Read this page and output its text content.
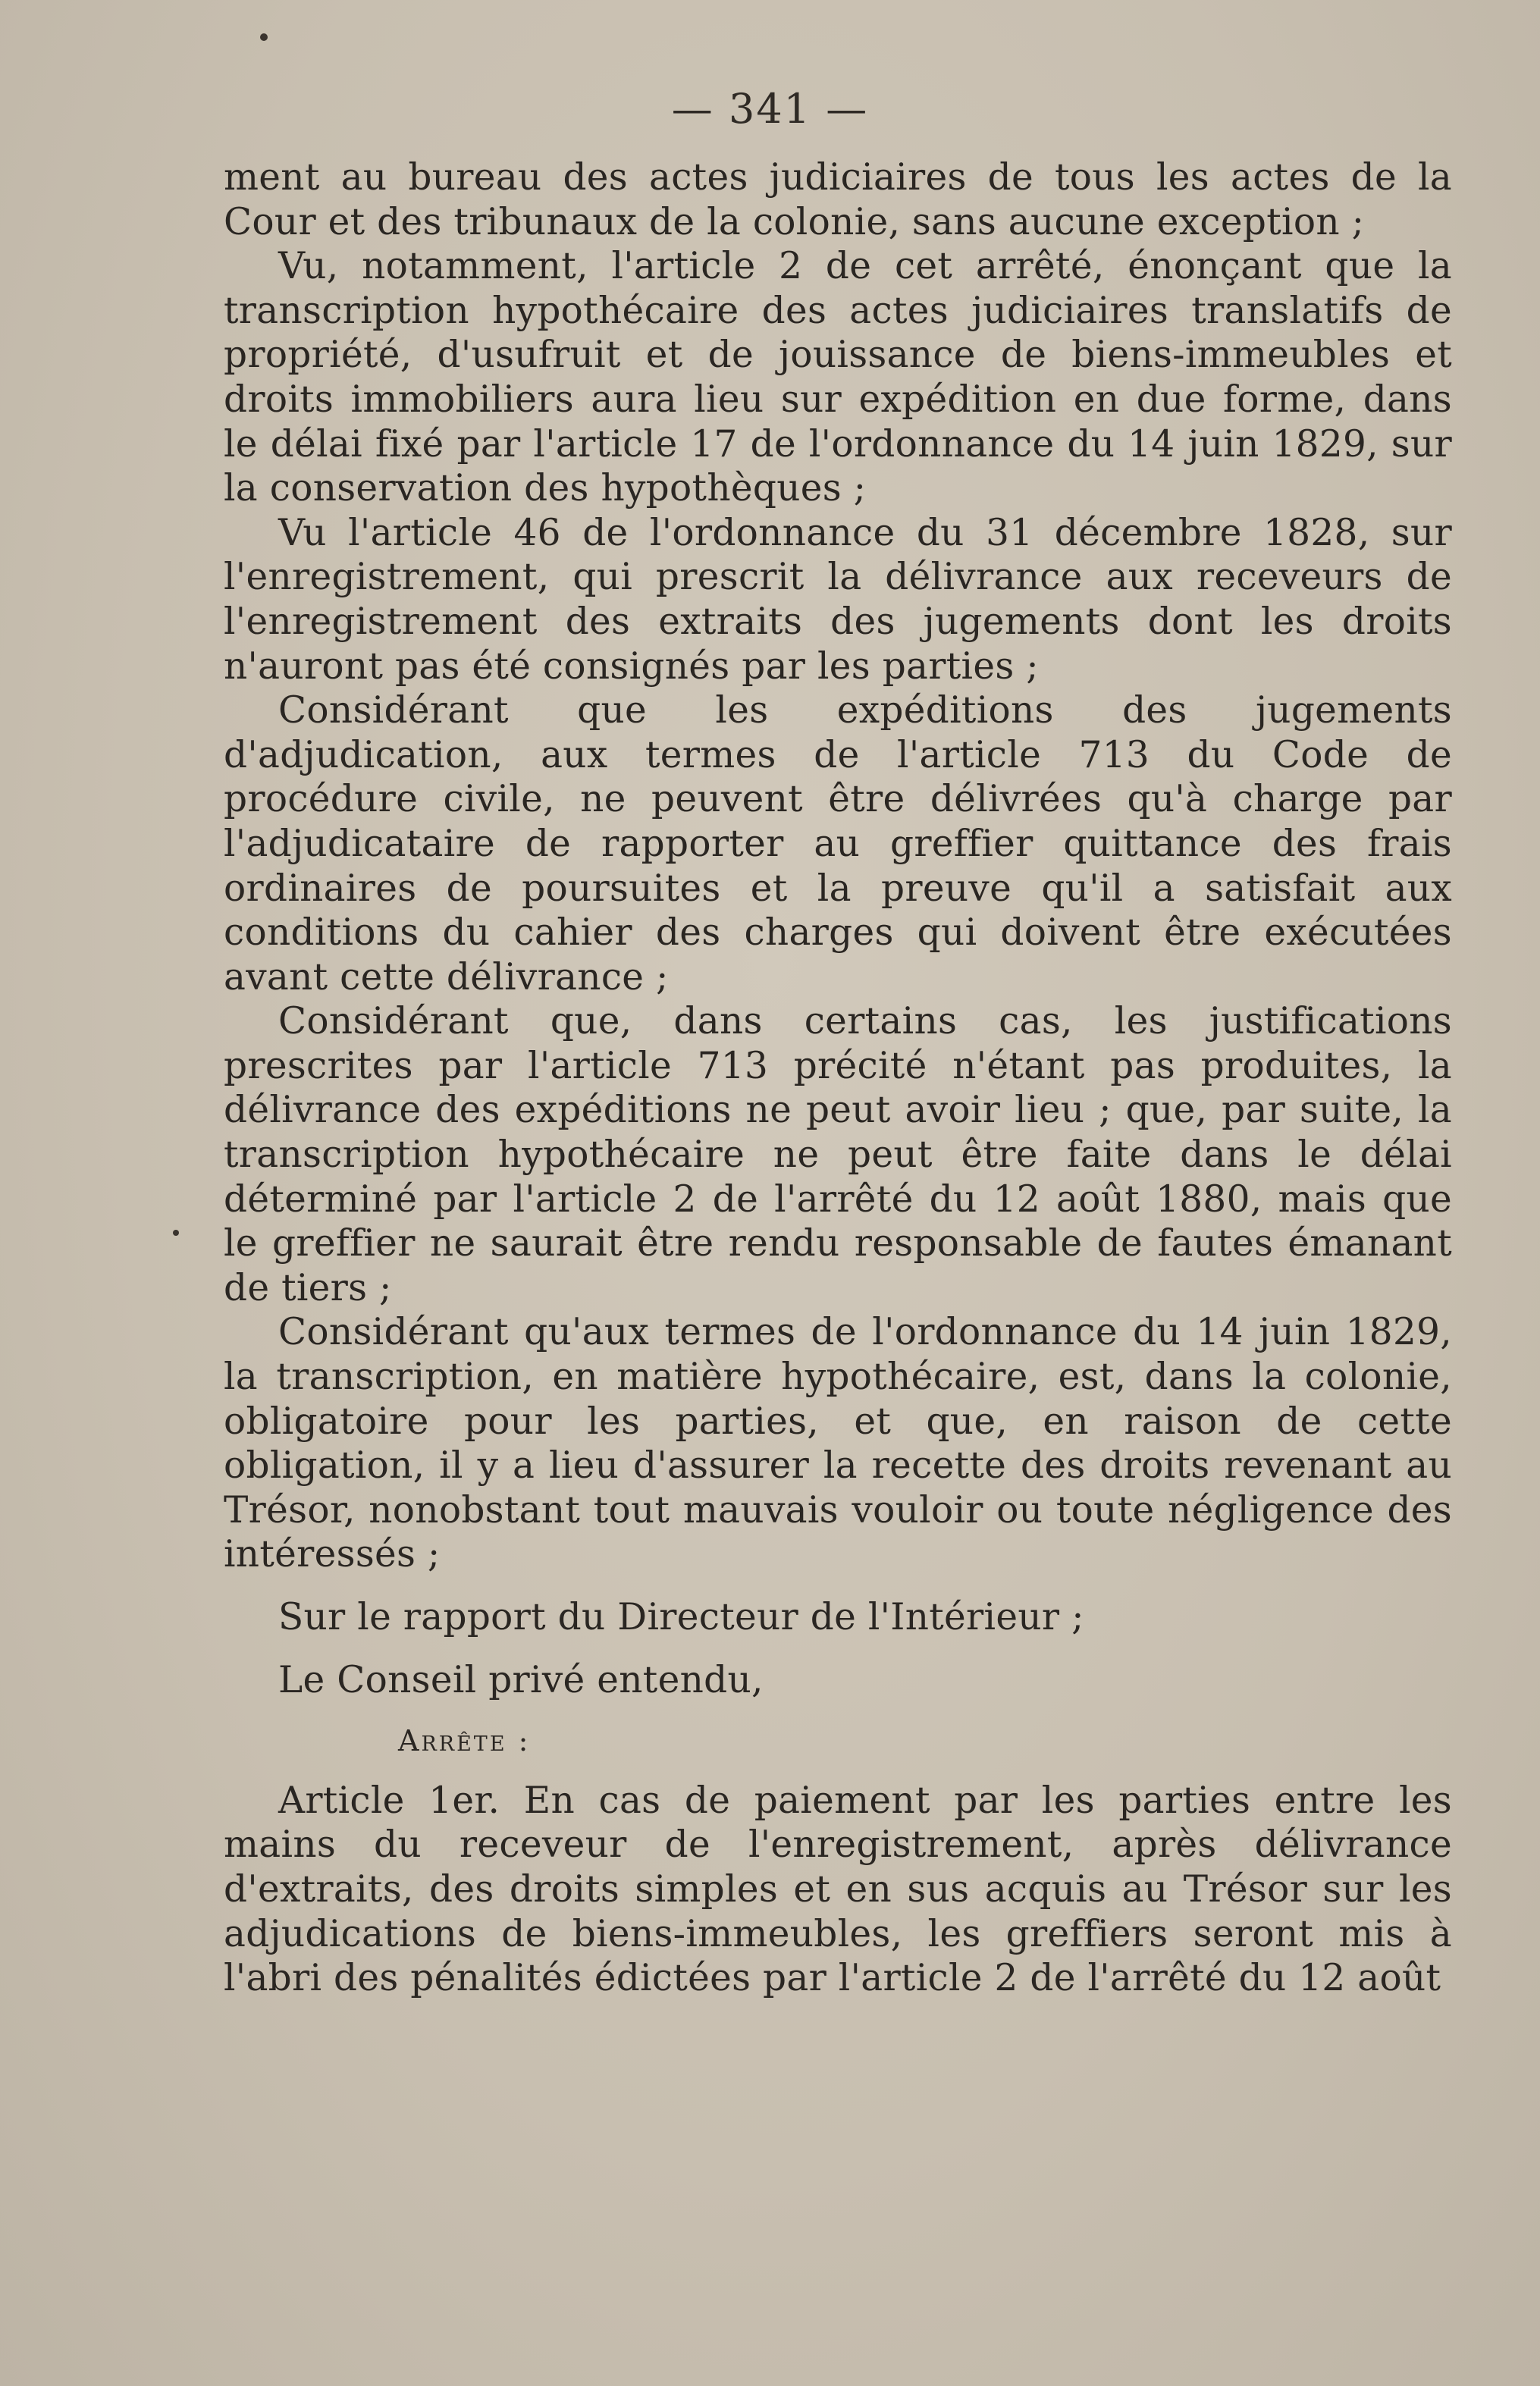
— 341 —

ment au bureau des actes judiciaires de tous les actes de la Cour et des tribunaux de la colonie, sans aucune exception ;

Vu, notamment, l'article 2 de cet arrêté, énonçant que la transcription hypothécaire des actes judiciaires translatifs de propriété, d'usufruit et de jouissance de biens-immeubles et droits immobiliers aura lieu sur expédition en due forme, dans le délai fixé par l'article 17 de l'ordonnance du 14 juin 1829, sur la conservation des hypothèques ;

Vu l'article 46 de l'ordonnance du 31 décembre 1828, sur l'enregistrement, qui prescrit la délivrance aux receveurs de l'enregistrement des extraits des jugements dont les droits n'auront pas été consignés par les parties ;

Considérant que les expéditions des jugements d'adjudication, aux termes de l'article 713 du Code de procédure civile, ne peuvent être délivrées qu'à charge par l'adjudicataire de rapporter au greffier quittance des frais ordinaires de poursuites et la preuve qu'il a satisfait aux conditions du cahier des charges qui doivent être exécutées avant cette délivrance ;

Considérant que, dans certains cas, les justifications prescrites par l'article 713 précité n'étant pas produites, la délivrance des expéditions ne peut avoir lieu ; que, par suite, la transcription hypothécaire ne peut être faite dans le délai déterminé par l'article 2 de l'arrêté du 12 août 1880, mais que le greffier ne saurait être rendu responsable de fautes émanant de tiers ;

Considérant qu'aux termes de l'ordonnance du 14 juin 1829, la transcription, en matière hypothécaire, est, dans la colonie, obligatoire pour les parties, et que, en raison de cette obligation, il y a lieu d'assurer la recette des droits revenant au Trésor, nonobstant tout mauvais vouloir ou toute négligence des intéressés ;

Sur le rapport du Directeur de l'Intérieur ;

Le Conseil privé entendu,

Arrête :

Article 1er. En cas de paiement par les parties entre les mains du receveur de l'enregistrement, après délivrance d'extraits, des droits simples et en sus acquis au Trésor sur les adjudications de biens-immeubles, les greffiers seront mis à l'abri des pénalités édictées par l'article 2 de l'arrêté du 12 août
